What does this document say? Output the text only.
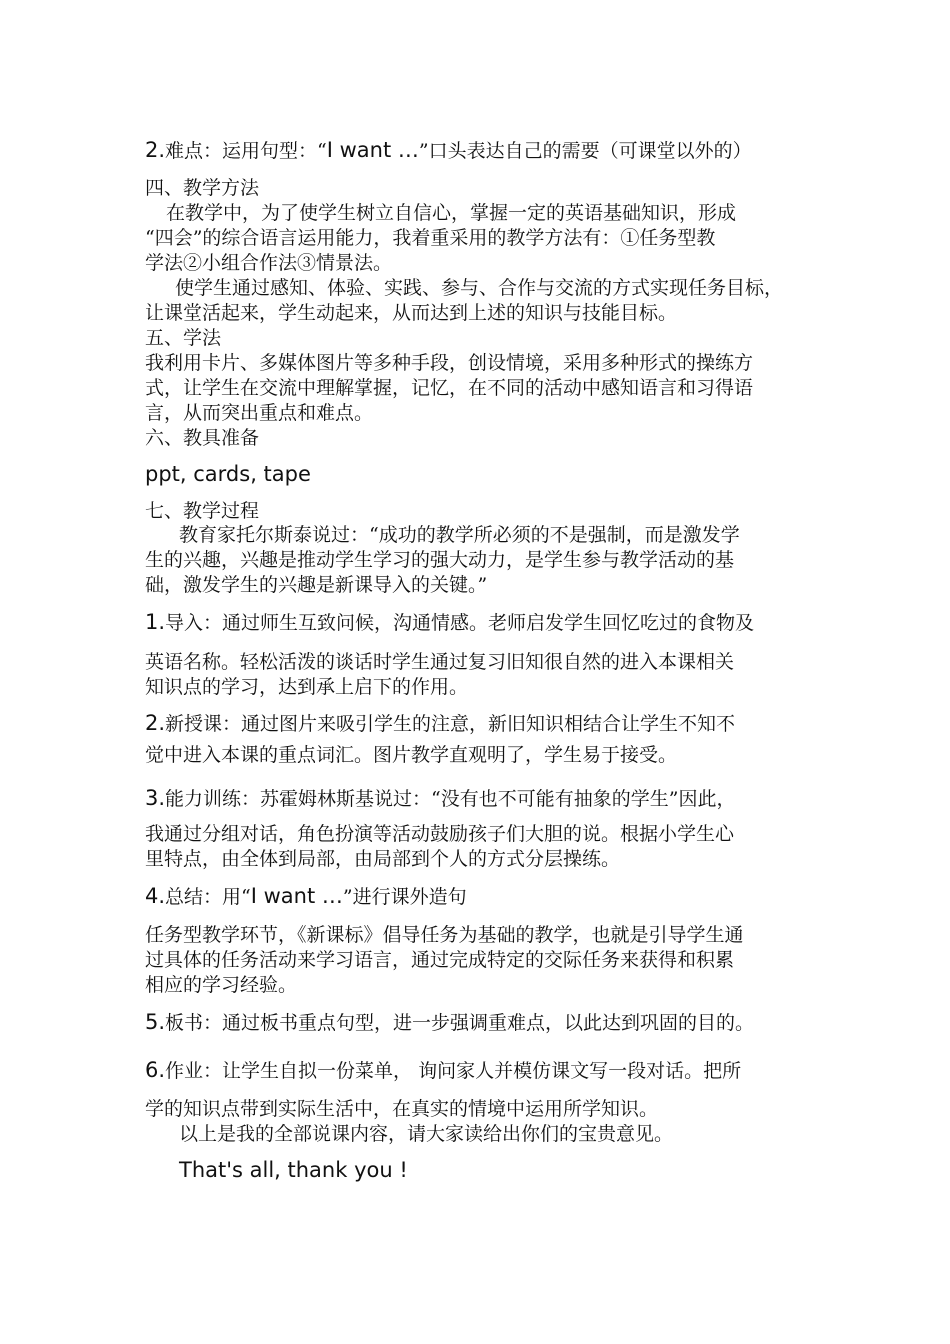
2.难点：运用句型：“I want …”口头表达自己的需要（可课堂以外的）
四、教学方法
在教学中，为了使学生树立自信心，掌握一定的英语基础知识，形成
“四会”的综合语言运用能力，我着重采用的教学方法有：①任务型教
学法②小组合作法③情景法。
使学生通过感知、体验、实践、参与、合作与交流的方式实现任务目标，
让课堂活起来，学生动起来，从而达到上述的知识与技能目标。
五、学法
我利用卡片、多媒体图片等多种手段，创设情境，采用多种形式的操练方
式，让学生在交流中理解掌握，记忆，在不同的活动中感知语言和习得语
言，从而突出重点和难点。
六、教具准备
ppt, cards, tape
七、教学过程
教育家托尔斯泰说过：“成功的教学所必须的不是强制，而是激发学
生的兴趣，兴趣是推动学生学习的强大动力，是学生参与教学活动的基
础，激发学生的兴趣是新课导入的关键。”
1.导入：通过师生互致问候，沟通情感。老师启发学生回忆吃过的食物及
英语名称。轻松活泼的谈话时学生通过复习旧知很自然的进入本课相关
知识点的学习，达到承上启下的作用。
2.新授课：通过图片来吸引学生的注意，新旧知识相结合让学生不知不
觉中进入本课的重点词汇。图片教学直观明了，学生易于接受。
3.能力训练：苏霍姆林斯基说过：“没有也不可能有抽象的学生”因此，
我通过分组对话，角色扮演等活动鼓励孩子们大胆的说。根据小学生心
里特点，由全体到局部，由局部到个人的方式分层操练。
4.总结：用“I want …”进行课外造句
任务型教学环节，《新课标》倡导任务为基础的教学，也就是引导学生通
过具体的任务活动来学习语言，通过完成特定的交际任务来获得和积累
相应的学习经验。
5.板书：通过板书重点句型，进一步强调重难点，以此达到巩固的目的。
6.作业：让学生自拟一份菜单， 询问家人并模仿课文写一段对话。把所
学的知识点带到实际生活中，在真实的情境中运用所学知识。
以上是我的全部说课内容，请大家读给出你们的宝贵意见。
That's all, thank you !
